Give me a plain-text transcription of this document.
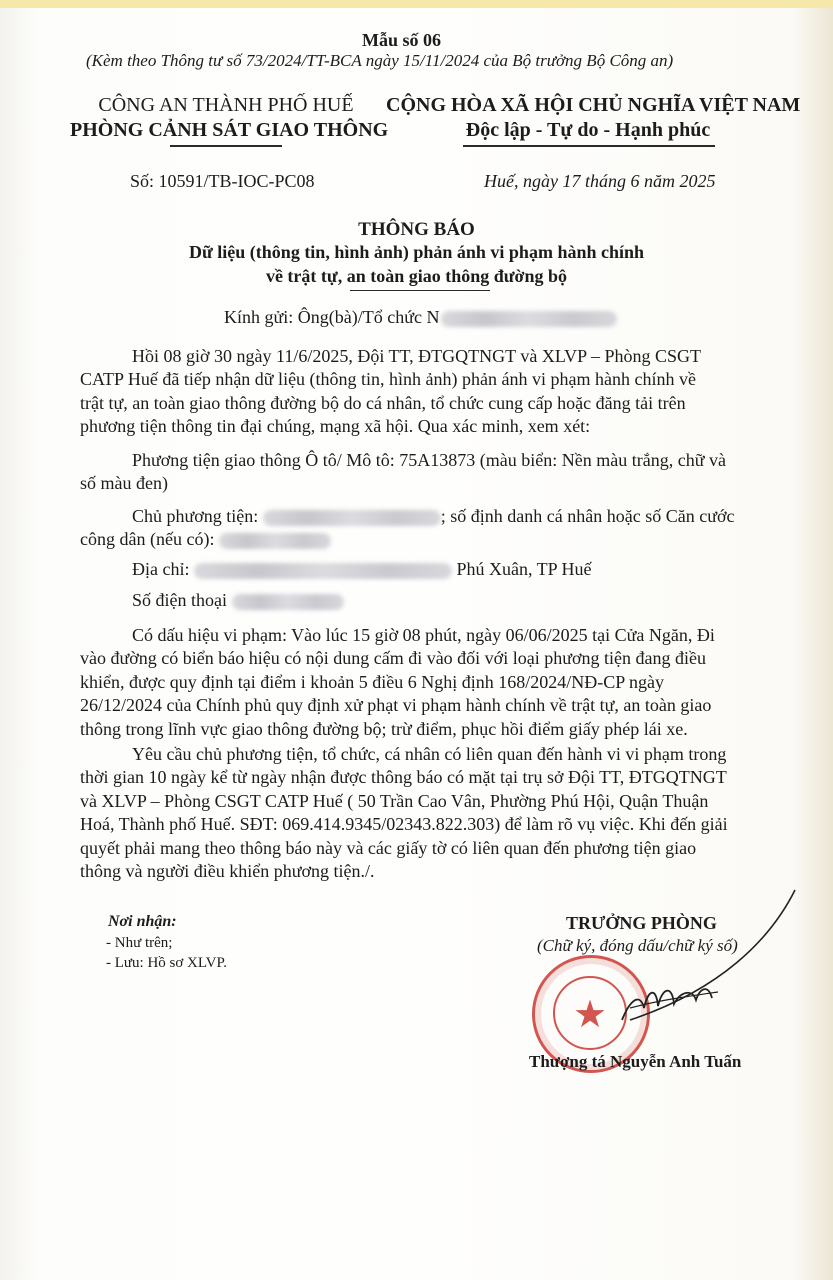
Mẫu số 06
(Kèm theo Thông tư số 73/2024/TT-BCA ngày 15/11/2024 của Bộ trưởng Bộ Công an)
CÔNG AN THÀNH PHỐ HUẾ
PHÒNG CẢNH SÁT GIAO THÔNG
CỘNG HÒA XÃ HỘI CHỦ NGHĨA VIỆT NAM
Độc lập - Tự do - Hạnh phúc
Số: 10591/TB-IOC-PC08	Huế, ngày 17 tháng 6 năm 2025
THÔNG BÁO
Dữ liệu (thông tin, hình ảnh) phản ánh vi phạm hành chính
về trật tự, an toàn giao thông đường bộ
Kính gửi: Ông(bà)/Tổ chức N
Hồi 08 giờ 30 ngày 11/6/2025, Đội TT, ĐTGQTNGT và XLVP – Phòng CSGT
CATP Huế đã tiếp nhận dữ liệu (thông tin, hình ảnh) phản ánh vi phạm hành chính về
trật tự, an toàn giao thông đường bộ do cá nhân, tổ chức cung cấp hoặc đăng tải trên
phương tiện thông tin đại chúng, mạng xã hội. Qua xác minh, xem xét:
Phương tiện giao thông Ô tô/ Mô tô: 75A13873 (màu biển: Nền màu trắng, chữ và
số màu đen)
Chủ phương tiện:	; số định danh cá nhân hoặc số Căn cước
công dân (nếu có):
Địa chỉ:	Phú Xuân, TP Huế
Số điện thoại
Có dấu hiệu vi phạm: Vào lúc 15 giờ 08 phút, ngày 06/06/2025 tại Cửa Ngăn, Đi
vào đường có biển báo hiệu có nội dung cấm đi vào đối với loại phương tiện đang điều
khiển, được quy định tại điểm i khoản 5 điều 6 Nghị định 168/2024/NĐ-CP ngày
26/12/2024 của Chính phủ quy định xử phạt vi phạm hành chính về trật tự, an toàn giao
thông trong lĩnh vực giao thông đường bộ; trừ điểm, phục hồi điểm giấy phép lái xe.
Yêu cầu chủ phương tiện, tổ chức, cá nhân có liên quan đến hành vi vi phạm trong
thời gian 10 ngày kể từ ngày nhận được thông báo có mặt tại trụ sở Đội TT, ĐTGQTNGT
và XLVP – Phòng CSGT CATP Huế ( 50 Trần Cao Vân, Phường Phú Hội, Quận Thuận
Hoá, Thành phố Huế. SĐT: 069.414.9345/02343.822.303) để làm rõ vụ việc. Khi đến giải
quyết phải mang theo thông báo này và các giấy tờ có liên quan đến phương tiện giao
thông và người điều khiển phương tiện./.
Nơi nhận:
- Như trên;
- Lưu: Hồ sơ XLVP.
TRƯỞNG PHÒNG
(Chữ ký, đóng dấu/chữ ký số)
★
Thượng tá Nguyễn Anh Tuấn
